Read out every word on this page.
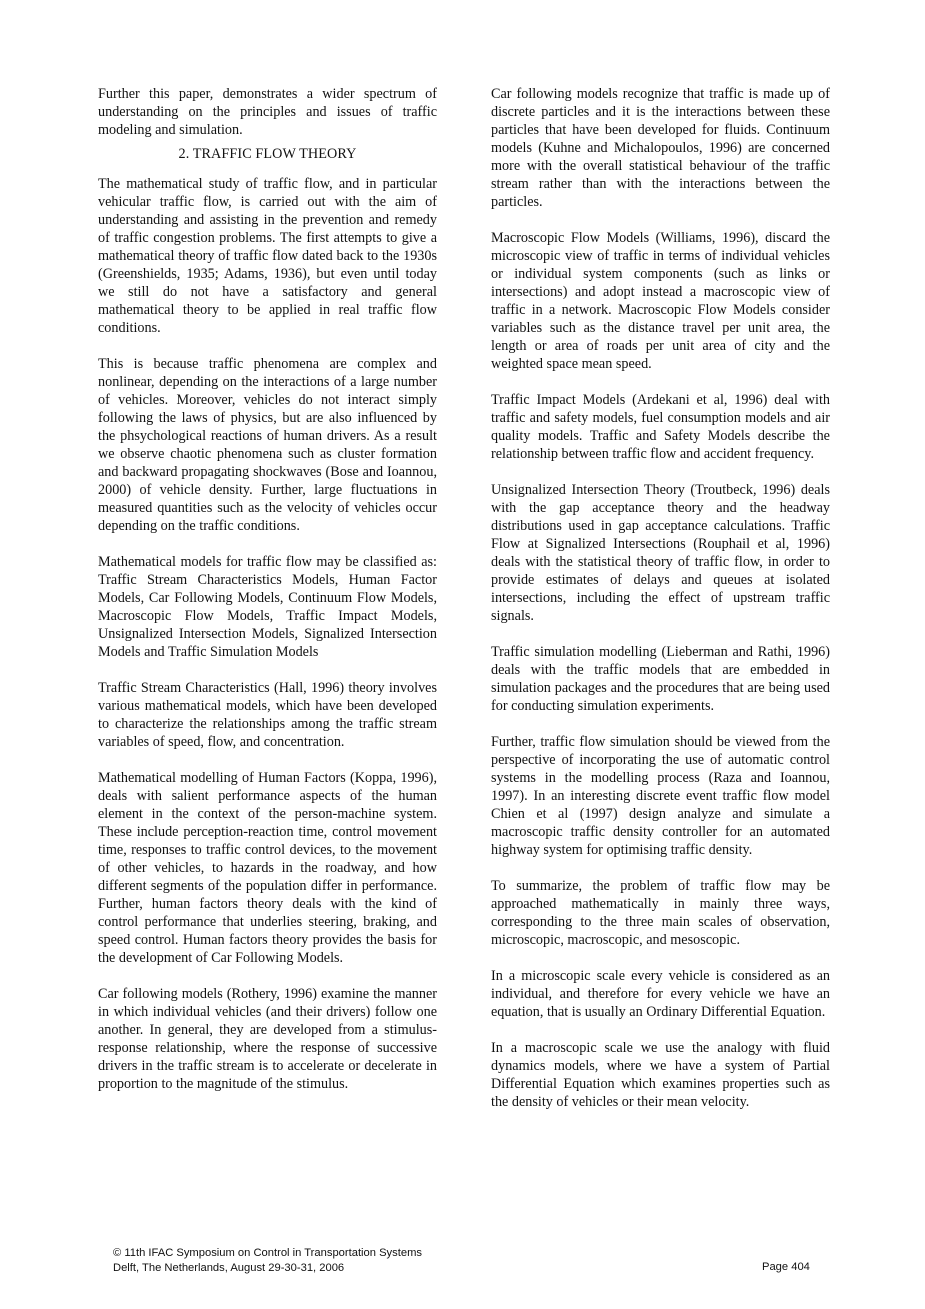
Further this paper, demonstrates a wider spectrum of understanding on the principles and issues of traffic modeling and simulation.

2. TRAFFIC FLOW THEORY

The mathematical study of traffic flow, and in particular vehicular traffic flow, is carried out with the aim of understanding and assisting in the prevention and remedy of traffic congestion problems. The first attempts to give a mathematical theory of traffic flow dated back to the 1930s (Greenshields, 1935; Adams, 1936), but even until today we still do not have a satisfactory and general mathematical theory to be applied in real traffic flow conditions.

This is because traffic phenomena are complex and nonlinear, depending on the interactions of a large number of vehicles. Moreover, vehicles do not interact simply following the laws of physics, but are also influenced by the phsychological reactions of human drivers. As a result we observe chaotic phenomena such as cluster formation and backward propagating shockwaves (Bose and Ioannou, 2000) of vehicle density. Further, large fluctuations in measured quantities such as the velocity of vehicles occur depending on the traffic conditions.

Mathematical models for traffic flow may be classified as: Traffic Stream Characteristics Models, Human Factor Models, Car Following Models, Continuum Flow Models, Macroscopic Flow Models, Traffic Impact Models, Unsignalized Intersection Models, Signalized Intersection Models and Traffic Simulation Models

Traffic Stream Characteristics (Hall, 1996) theory involves various mathematical models, which have been developed to characterize the relationships among the traffic stream variables of speed, flow, and concentration.

Mathematical modelling of Human Factors (Koppa, 1996), deals with salient performance aspects of the human element in the context of the person-machine system. These include perception-reaction time, control movement time, responses to traffic control devices, to the movement of other vehicles, to hazards in the roadway, and how different segments of the population differ in performance. Further, human factors theory deals with the kind of control performance that underlies steering, braking, and speed control. Human factors theory provides the basis for the development of Car Following Models.

Car following models (Rothery, 1996) examine the manner in which individual vehicles (and their drivers) follow one another. In general, they are developed from a stimulus-response relationship, where the response of successive drivers in the traffic stream is to accelerate or decelerate in proportion to the magnitude of the stimulus.

Car following models recognize that traffic is made up of discrete particles and it is the interactions between these particles that have been developed for fluids. Continuum models (Kuhne and Michalopoulos, 1996) are concerned more with the overall statistical behaviour of the traffic stream rather than with the interactions between the particles.

Macroscopic Flow Models (Williams, 1996), discard the microscopic view of traffic in terms of individual vehicles or individual system components (such as links or intersections) and adopt instead a macroscopic view of traffic in a network. Macroscopic Flow Models consider variables such as the distance travel per unit area, the length or area of roads per unit area of city and the weighted space mean speed.

Traffic Impact Models (Ardekani et al, 1996) deal with traffic and safety models, fuel consumption models and air quality models. Traffic and Safety Models describe the relationship between traffic flow and accident frequency.

Unsignalized Intersection Theory (Troutbeck, 1996) deals with the gap acceptance theory and the headway distributions used in gap acceptance calculations. Traffic Flow at Signalized Intersections (Rouphail et al, 1996) deals with the statistical theory of traffic flow, in order to provide estimates of delays and queues at isolated intersections, including the effect of upstream traffic signals.

Traffic simulation modelling (Lieberman and Rathi, 1996) deals with the traffic models that are embedded in simulation packages and the procedures that are being used for conducting simulation experiments.

Further, traffic flow simulation should be viewed from the perspective of incorporating the use of automatic control systems in the modelling process (Raza and Ioannou, 1997). In an interesting discrete event traffic flow model Chien et al (1997) design analyze and simulate a macroscopic traffic density controller for an automated highway system for optimising traffic density.

To summarize, the problem of traffic flow may be approached mathematically in mainly three ways, corresponding to the three main scales of observation, microscopic, macroscopic, and mesoscopic.

In a microscopic scale every vehicle is considered as an individual, and therefore for every vehicle we have an equation, that is usually an Ordinary Differential Equation.

In a macroscopic scale we use the analogy with fluid dynamics models, where we have a system of Partial Differential Equation which examines properties such as the density of vehicles or their mean velocity.

© 11th IFAC Symposium on Control in Transportation Systems
Delft, The Netherlands, August 29-30-31, 2006	Page 404
